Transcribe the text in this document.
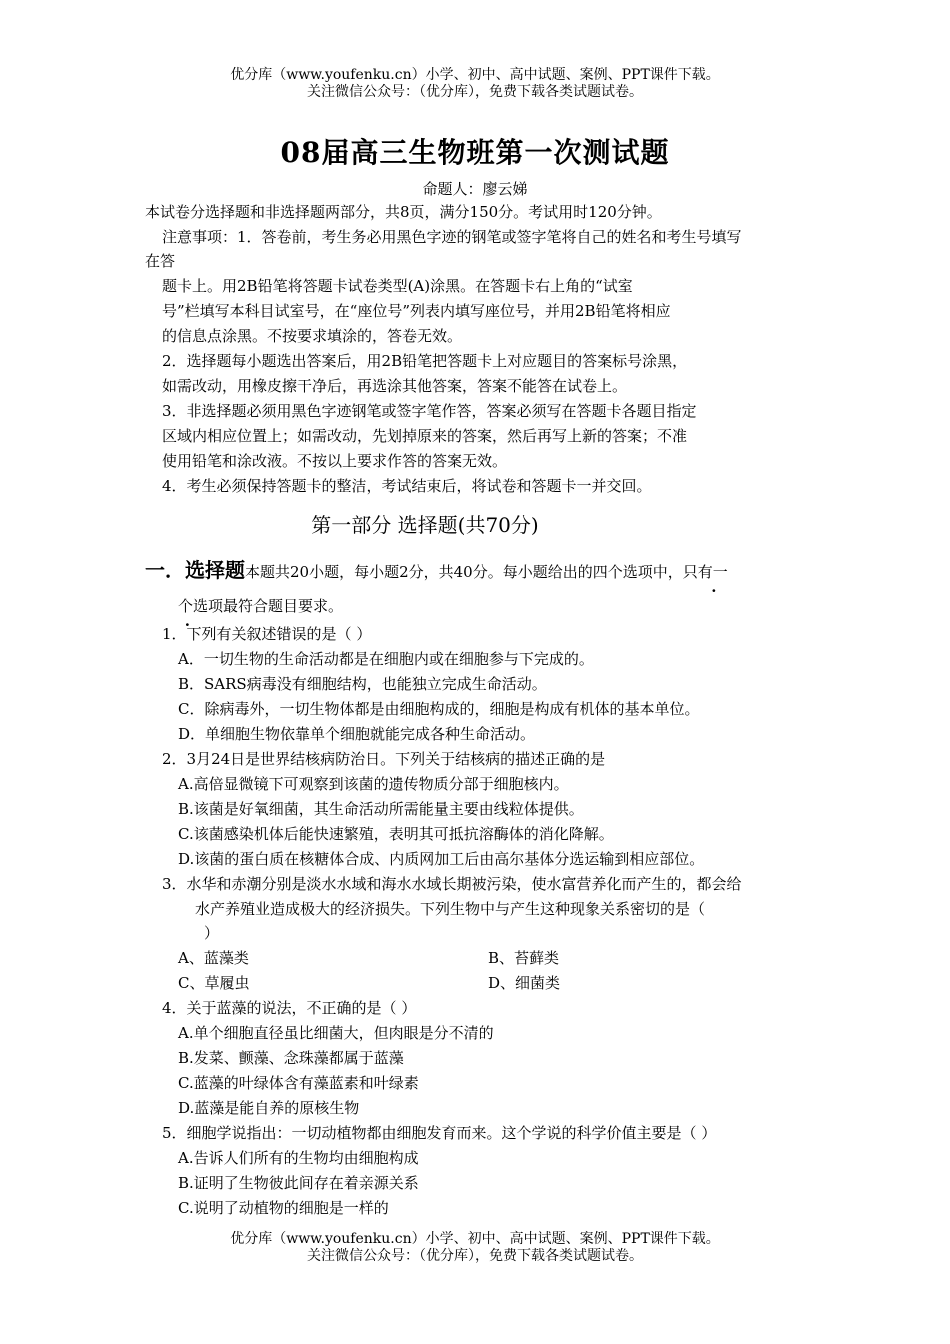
优分库（www.youfenku.cn）小学、初中、高中试题、案例、PPT课件下载。
关注微信公众号：（优分库），免费下载各类试题试卷。
08届高三生物班第一次测试题
命题人：廖云娣
本试卷分选择题和非选择题两部分，共8页，满分150分。考试用时120分钟。
注意事项：1．答卷前，考生务必用黑色字迹的钢笔或签字笔将自己的姓名和考生号填写
在答
题卡上。用2B铅笔将答题卡试卷类型(A)涂黑。在答题卡右上角的“试室
号”栏填写本科目试室号，在“座位号”列表内填写座位号，并用2B铅笔将相应
的信息点涂黑。不按要求填涂的，答卷无效。
2．选择题每小题选出答案后，用2B铅笔把答题卡上对应题目的答案标号涂黑，
如需改动，用橡皮擦干净后，再选涂其他答案，答案不能答在试卷上。
3．非选择题必须用黑色字迹钢笔或签字笔作答，答案必须写在答题卡各题目指定
区域内相应位置上；如需改动，先划掉原来的答案，然后再写上新的答案；不准
使用铅笔和涂改液。不按以上要求作答的答案无效。
4．考生必须保持答题卡的整洁，考试结束后，将试卷和答题卡一并交回。
第一部分 选择题(共70分)
一．选择题本题共20小题，每小题2分，共40分。每小题给出的四个选项中，只有一
个选项最符合题目要求。
1．下列有关叙述错误的是（ ）
A．一切生物的生命活动都是在细胞内或在细胞参与下完成的。
B．SARS病毒没有细胞结构，也能独立完成生命活动。
C．除病毒外，一切生物体都是由细胞构成的，细胞是构成有机体的基本单位。
D．单细胞生物依靠单个细胞就能完成各种生命活动。
2．3月24日是世界结核病防治日。下列关于结核病的描述正确的是
A.高倍显微镜下可观察到该菌的遗传物质分部于细胞核内。
B.该菌是好氧细菌，其生命活动所需能量主要由线粒体提供。
C.该菌感染机体后能快速繁殖，表明其可抵抗溶酶体的消化降解。
D.该菌的蛋白质在核糖体合成、内质网加工后由高尔基体分选运输到相应部位。
3．水华和赤潮分别是淡水水域和海水水域长期被污染，使水富营养化而产生的，都会给
水产养殖业造成极大的经济损失。下列生物中与产生这种现象关系密切的是（
）
A、蓝藻类	B、苔藓类
C、草履虫	D、细菌类
4．关于蓝藻的说法，不正确的是（ ）
A.单个细胞直径虽比细菌大，但肉眼是分不清的
B.发菜、颤藻、念珠藻都属于蓝藻
C.蓝藻的叶绿体含有藻蓝素和叶绿素
D.蓝藻是能自养的原核生物
5．细胞学说指出：一切动植物都由细胞发育而来。这个学说的科学价值主要是（ ）
A.告诉人们所有的生物均由细胞构成
B.证明了生物彼此间存在着亲源关系
C.说明了动植物的细胞是一样的
优分库（www.youfenku.cn）小学、初中、高中试题、案例、PPT课件下载。
关注微信公众号：（优分库），免费下载各类试题试卷。
